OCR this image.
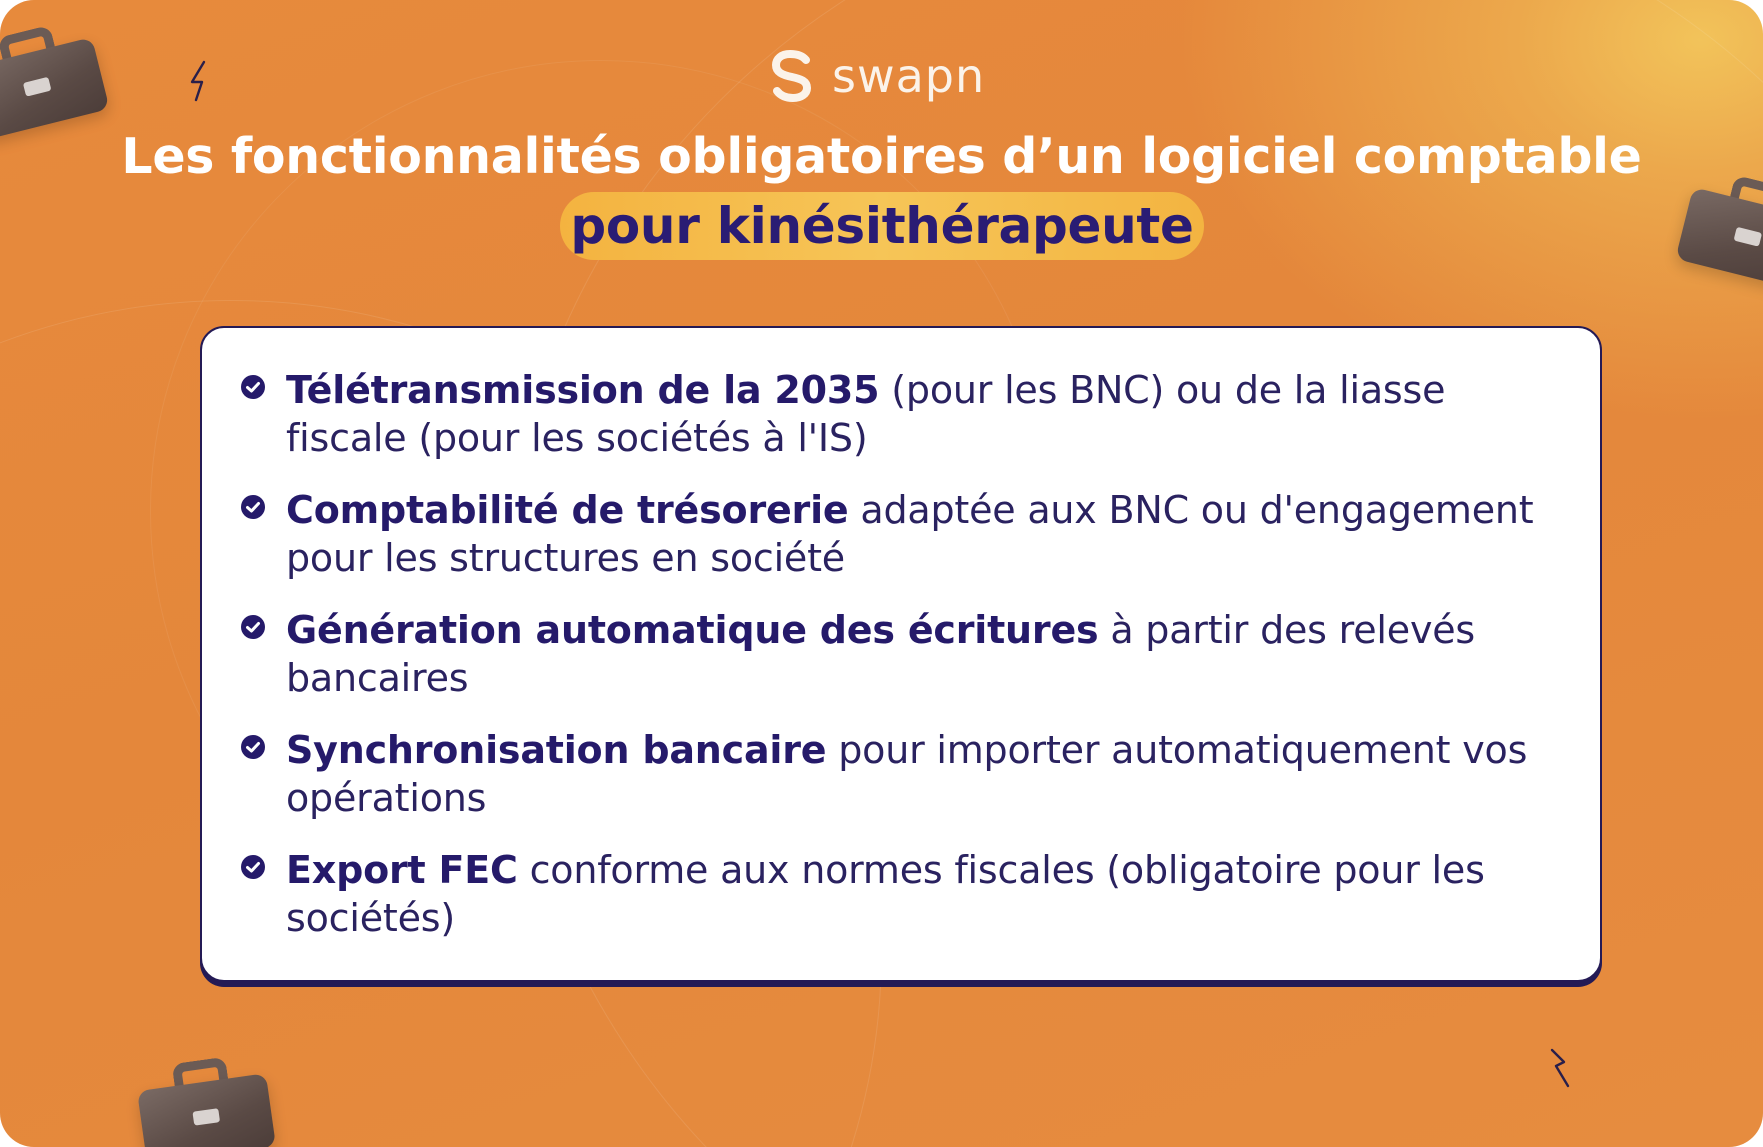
swapn
Les fonctionnalités obligatoires d’un logiciel comptable
pour kinésithérapeute
Télétransmission de la 2035 (pour les BNC) ou de la liasse fiscale (pour les sociétés à l'IS)
Comptabilité de trésorerie adaptée aux BNC ou d'engagement pour les structures en société
Génération automatique des écritures à partir des relevés bancaires
Synchronisation bancaire pour importer automatiquement vos opérations
Export FEC conforme aux normes fiscales (obligatoire pour les sociétés)
